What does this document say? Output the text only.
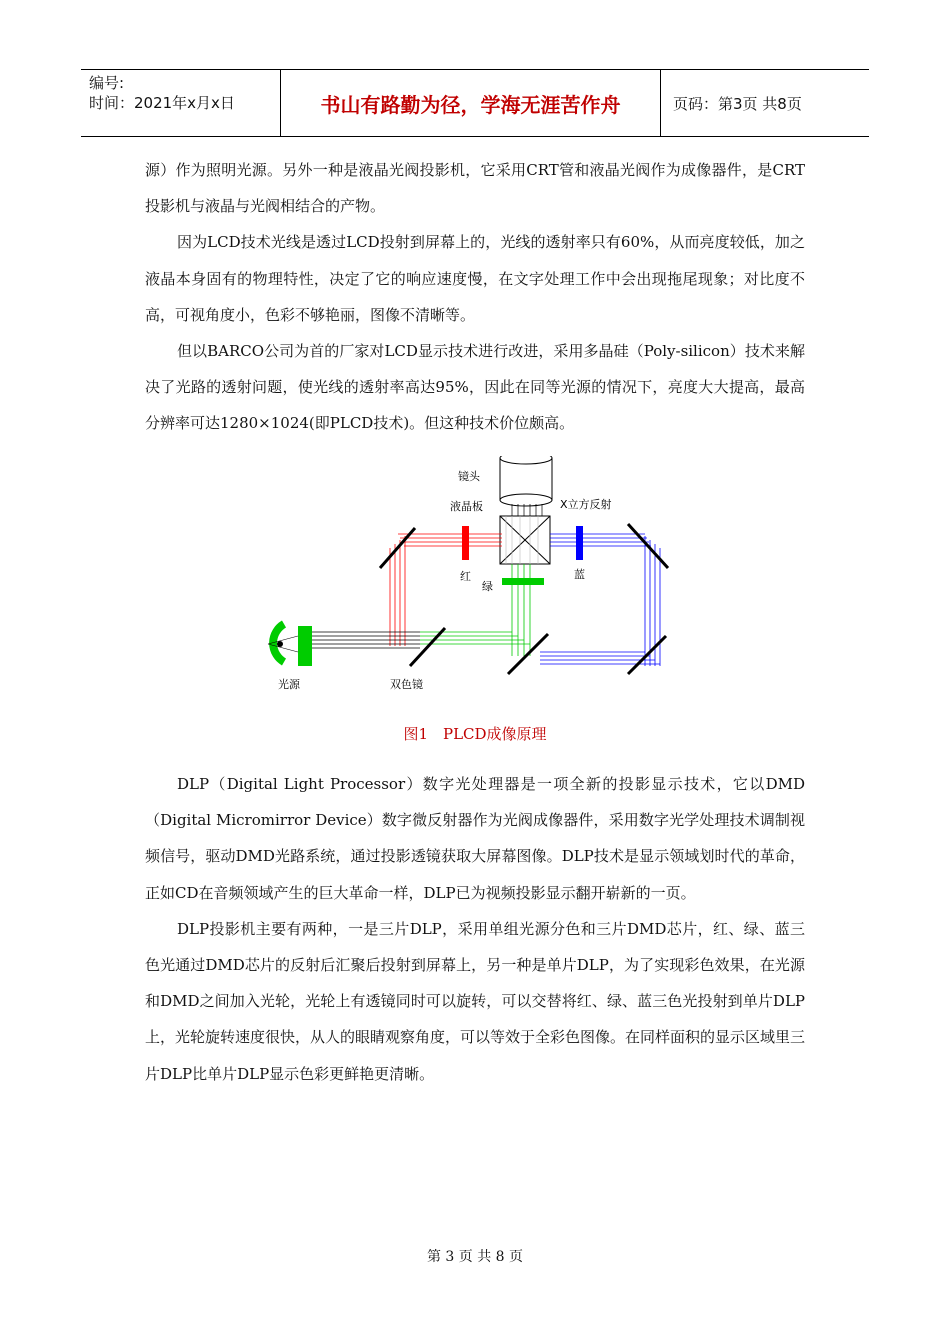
编号:
时间：2021年x月x日	书山有路勤为径，学海无涯苦作舟	页码：第3页 共8页

源）作为照明光源。另外一种是液晶光阀投影机，它采用CRT管和液晶光阀作为成像器件，是CRT投影机与液晶与光阀相结合的产物。

因为LCD技术光线是透过LCD投射到屏幕上的，光线的透射率只有60%，从而亮度较低，加之液晶本身固有的物理特性，决定了它的响应速度慢，在文字处理工作中会出现拖尾现象；对比度不高，可视角度小，色彩不够艳丽，图像不清晰等。

但以BARCO公司为首的厂家对LCD显示技术进行改进，采用多晶硅（Poly-silicon）技术来解决了光路的透射问题，使光线的透射率高达95%，因此在同等光源的情况下，亮度大大提高，最高分辨率可达1280×1024(即PLCD技术)。但这种技术价位颇高。

镜头
液晶板	X立方反射
红
绿
蓝
光源	双色镜
图1　PLCD成像原理

DLP（Digital Light Processor）数字光处理器是一项全新的投影显示技术，它以DMD （Digital Micromirror Device）数字微反射器作为光阀成像器件，采用数字光学处理技术调制视频信号，驱动DMD光路系统，通过投影透镜获取大屏幕图像。DLP技术是显示领域划时代的革命，正如CD在音频领域产生的巨大革命一样，DLP已为视频投影显示翻开崭新的一页。

DLP投影机主要有两种，一是三片DLP，采用单组光源分色和三片DMD芯片，红、绿、蓝三色光通过DMD芯片的反射后汇聚后投射到屏幕上，另一种是单片DLP，为了实现彩色效果，在光源和DMD之间加入光轮，光轮上有透镜同时可以旋转，可以交替将红、绿、蓝三色光投射到单片DLP上，光轮旋转速度很快，从人的眼睛观察角度，可以等效于全彩色图像。在同样面积的显示区域里三片DLP比单片DLP显示色彩更鲜艳更清晰。

第 3 页 共 8 页
